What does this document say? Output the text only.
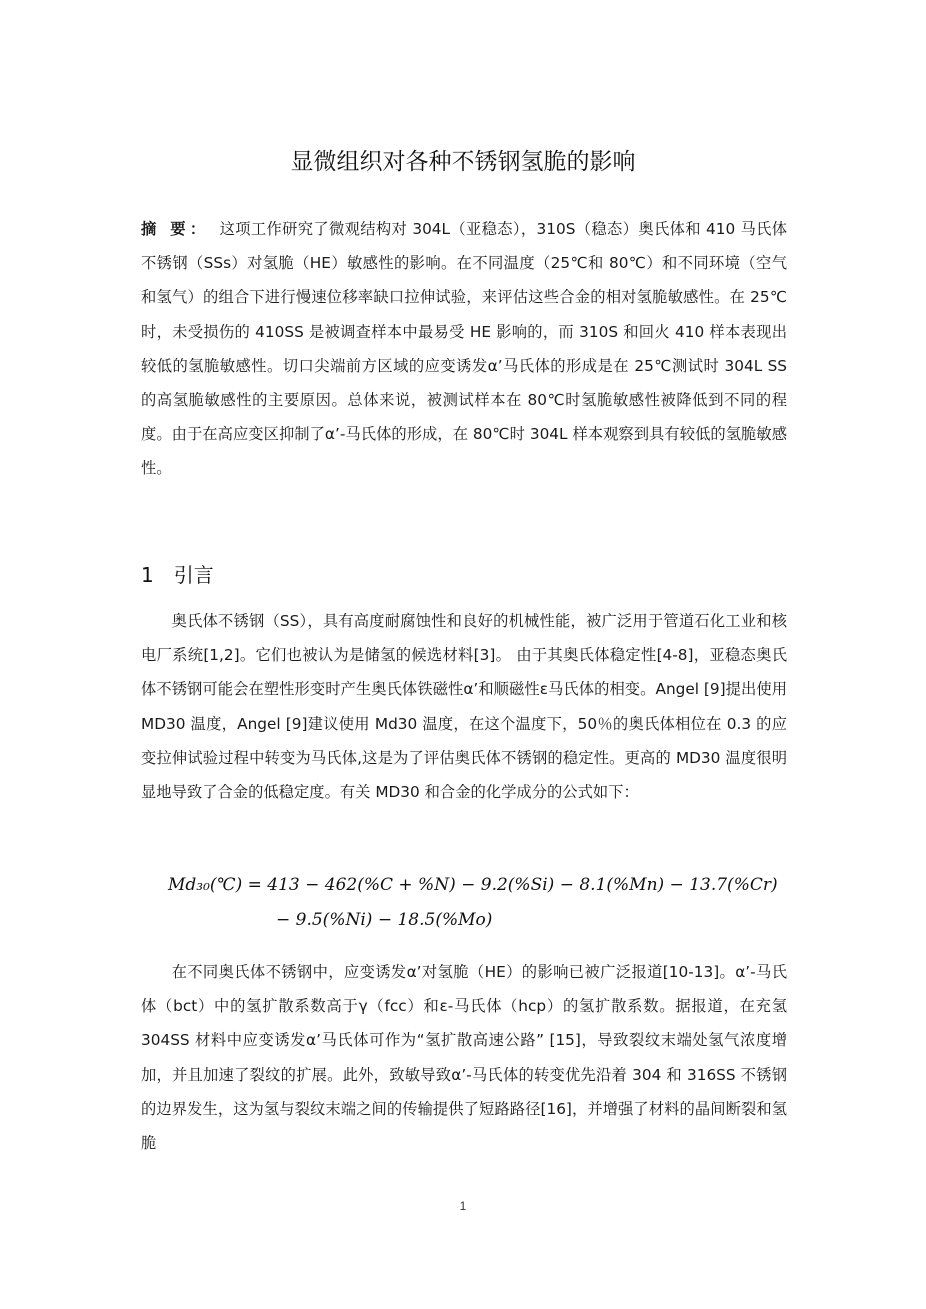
显微组织对各种不锈钢氢脆的影响
摘 要： 这项工作研究了微观结构对 304L（亚稳态），310S（稳态）奥氏体和 410 马氏体不锈钢（SSs）对氢脆（HE）敏感性的影响。在不同温度（25℃和 80℃）和不同环境（空气和氢气）的组合下进行慢速位移率缺口拉伸试验，来评估这些合金的相对氢脆敏感性。在 25℃时，未受损伤的 410SS 是被调查样本中最易受 HE 影响的，而 310S 和回火 410 样本表现出较低的氢脆敏感性。切口尖端前方区域的应变诱发α’马氏体的形成是在 25℃测试时 304L SS 的高氢脆敏感性的主要原因。总体来说，被测试样本在 80℃时氢脆敏感性被降低到不同的程度。由于在高应变区抑制了α’-马氏体的形成，在 80℃时 304L 样本观察到具有较低的氢脆敏感性。
1 引言
奥氏体不锈钢（SS），具有高度耐腐蚀性和良好的机械性能，被广泛用于管道石化工业和核电厂系统[1,2]。它们也被认为是储氢的候选材料[3]。 由于其奥氏体稳定性[4-8]，亚稳态奥氏体不锈钢可能会在塑性形变时产生奥氏体铁磁性α’和顺磁性ε马氏体的相变。Angel [9]提出使用 MD30 温度，Angel [9]建议使用 Md30 温度，在这个温度下，50％的奥氏体相位在 0.3 的应变拉伸试验过程中转变为马氏体,这是为了评估奥氏体不锈钢的稳定性。更高的 MD30 温度很明显地导致了合金的低稳定度。有关 MD30 和合金的化学成分的公式如下：
Md₃₀(℃) = 413 − 462(%C + %N) − 9.2(%Si) − 8.1(%Mn) − 13.7(%Cr)
− 9.5(%Ni) − 18.5(%Mo)
在不同奥氏体不锈钢中，应变诱发α’对氢脆（HE）的影响已被广泛报道[10-13]。α’-马氏体（bct）中的氢扩散系数高于γ（fcc）和ε-马氏体（hcp）的氢扩散系数。据报道，在充氢 304SS 材料中应变诱发α’马氏体可作为“氢扩散高速公路” [15]，导致裂纹末端处氢气浓度增加，并且加速了裂纹的扩展。此外，致敏导致α’-马氏体的转变优先沿着 304 和 316SS 不锈钢的边界发生，这为氢与裂纹末端之间的传输提供了短路路径[16]，并增强了材料的晶间断裂和氢脆
1
